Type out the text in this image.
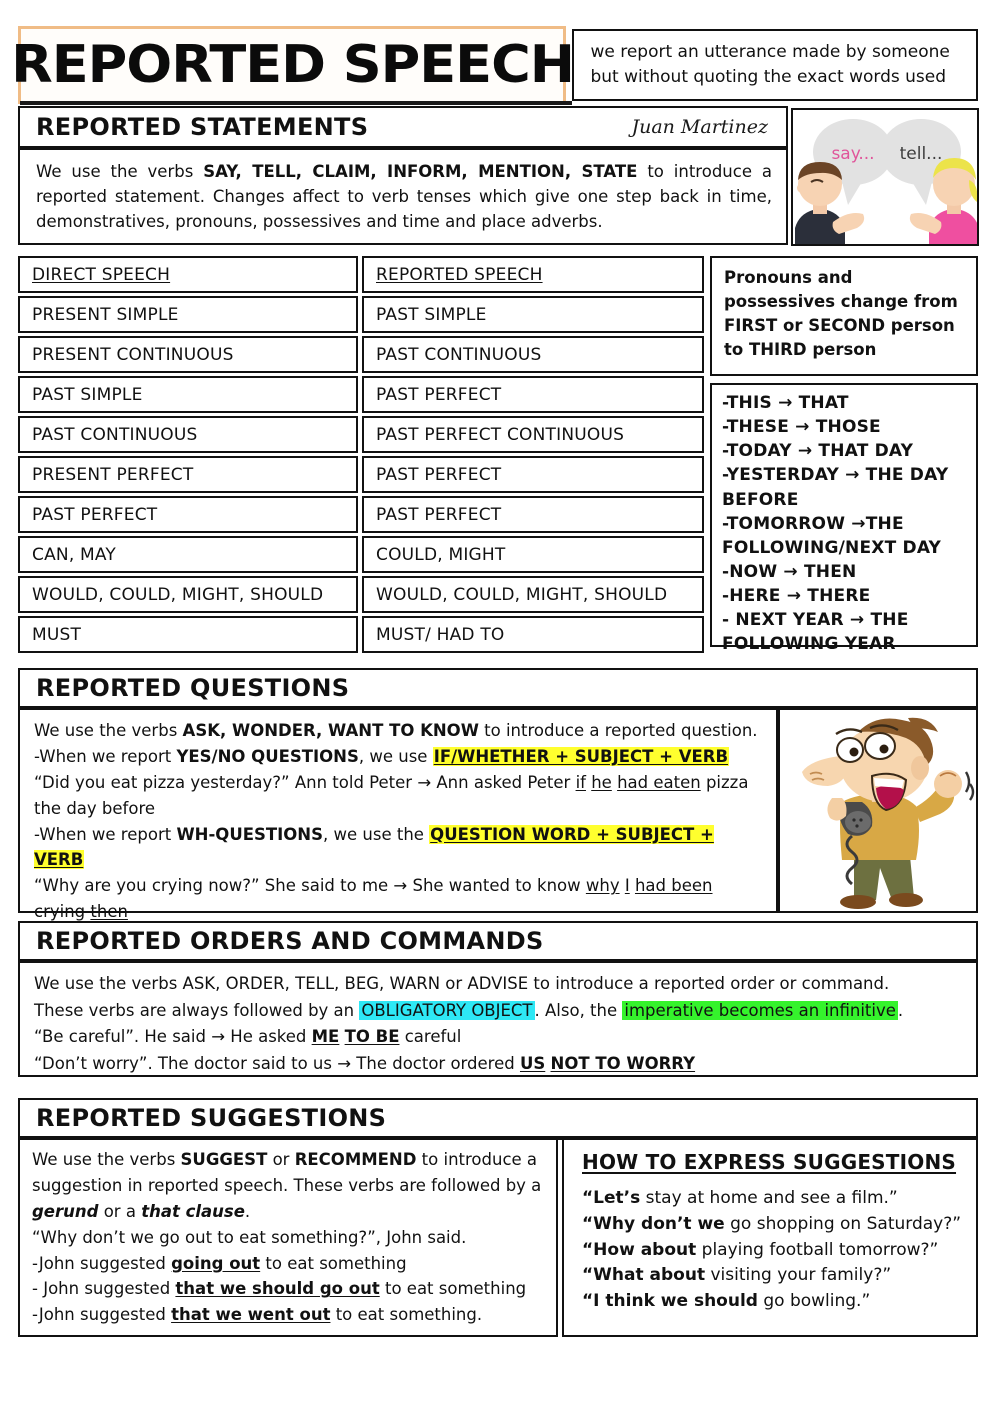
REPORTED SPEECH we report an utterance made by someone
but without quoting the exact words used
REPORTED STATEMENTS	Juan Martinez

We use the verbs SAY, TELL, CLAIM, INFORM, MENTION, STATE to introduce a reported statement. Changes affect to verb tenses which give one step back in time, demonstratives, pronouns, possessives and time and place adverbs.

say... tell...
DIRECT SPEECH	REPORTED SPEECH
PRESENT SIMPLE	PAST SIMPLE
PRESENT CONTINUOUS	PAST CONTINUOUS
PAST SIMPLE	PAST PERFECT
PAST CONTINUOUS	PAST PERFECT CONTINUOUS
PRESENT PERFECT	PAST PERFECT
PAST PERFECT	PAST PERFECT
CAN, MAY	COULD, MIGHT
WOULD, COULD, MIGHT, SHOULD	WOULD, COULD, MIGHT, SHOULD
MUST	MUST/ HAD TO

Pronouns and possessives change from FIRST or SECOND person to THIRD person

-THIS → THAT
-THESE → THOSE
-TODAY → THAT DAY
-YESTERDAY → THE DAY BEFORE
-TOMORROW →THE FOLLOWING/NEXT DAY
-NOW → THEN
-HERE → THERE
- NEXT YEAR → THE FOLLOWING YEAR
REPORTED QUESTIONS
We use the verbs ASK, WONDER, WANT TO KNOW to introduce a reported question.
-When we report YES/NO QUESTIONS, we use IF/WHETHER + SUBJECT + VERB
“Did you eat pizza yesterday?” Ann told Peter → Ann asked Peter if he had eaten pizza the day before
-When we report WH-QUESTIONS, we use the QUESTION WORD + SUBJECT + VERB
“Why are you crying now?” She said to me → She wanted to know why I had been crying then
REPORTED ORDERS AND COMMANDS
We use the verbs ASK, ORDER, TELL, BEG, WARN or ADVISE to introduce a reported order or command.
These verbs are always followed by an OBLIGATORY OBJECT . Also, the imperative becomes an infinitive .
“Be careful”. He said → He asked ME TO BE careful
“Don’t worry”. The doctor said to us → The doctor ordered US NOT TO WORRY
REPORTED SUGGESTIONS
We use the verbs SUGGEST or RECOMMEND to introduce a suggestion in reported speech. These verbs are followed by a gerund or a that clause.
“Why don’t we go out to eat something?”, John said.
-John suggested going out to eat something
- John suggested that we should go out to eat something
-John suggested that we went out to eat something.
HOW TO EXPRESS SUGGESTIONS
“Let’s stay at home and see a film.”
“Why don’t we go shopping on Saturday?”
“How about playing football tomorrow?”
“What about visiting your family?”
“I think we should go bowling.”
